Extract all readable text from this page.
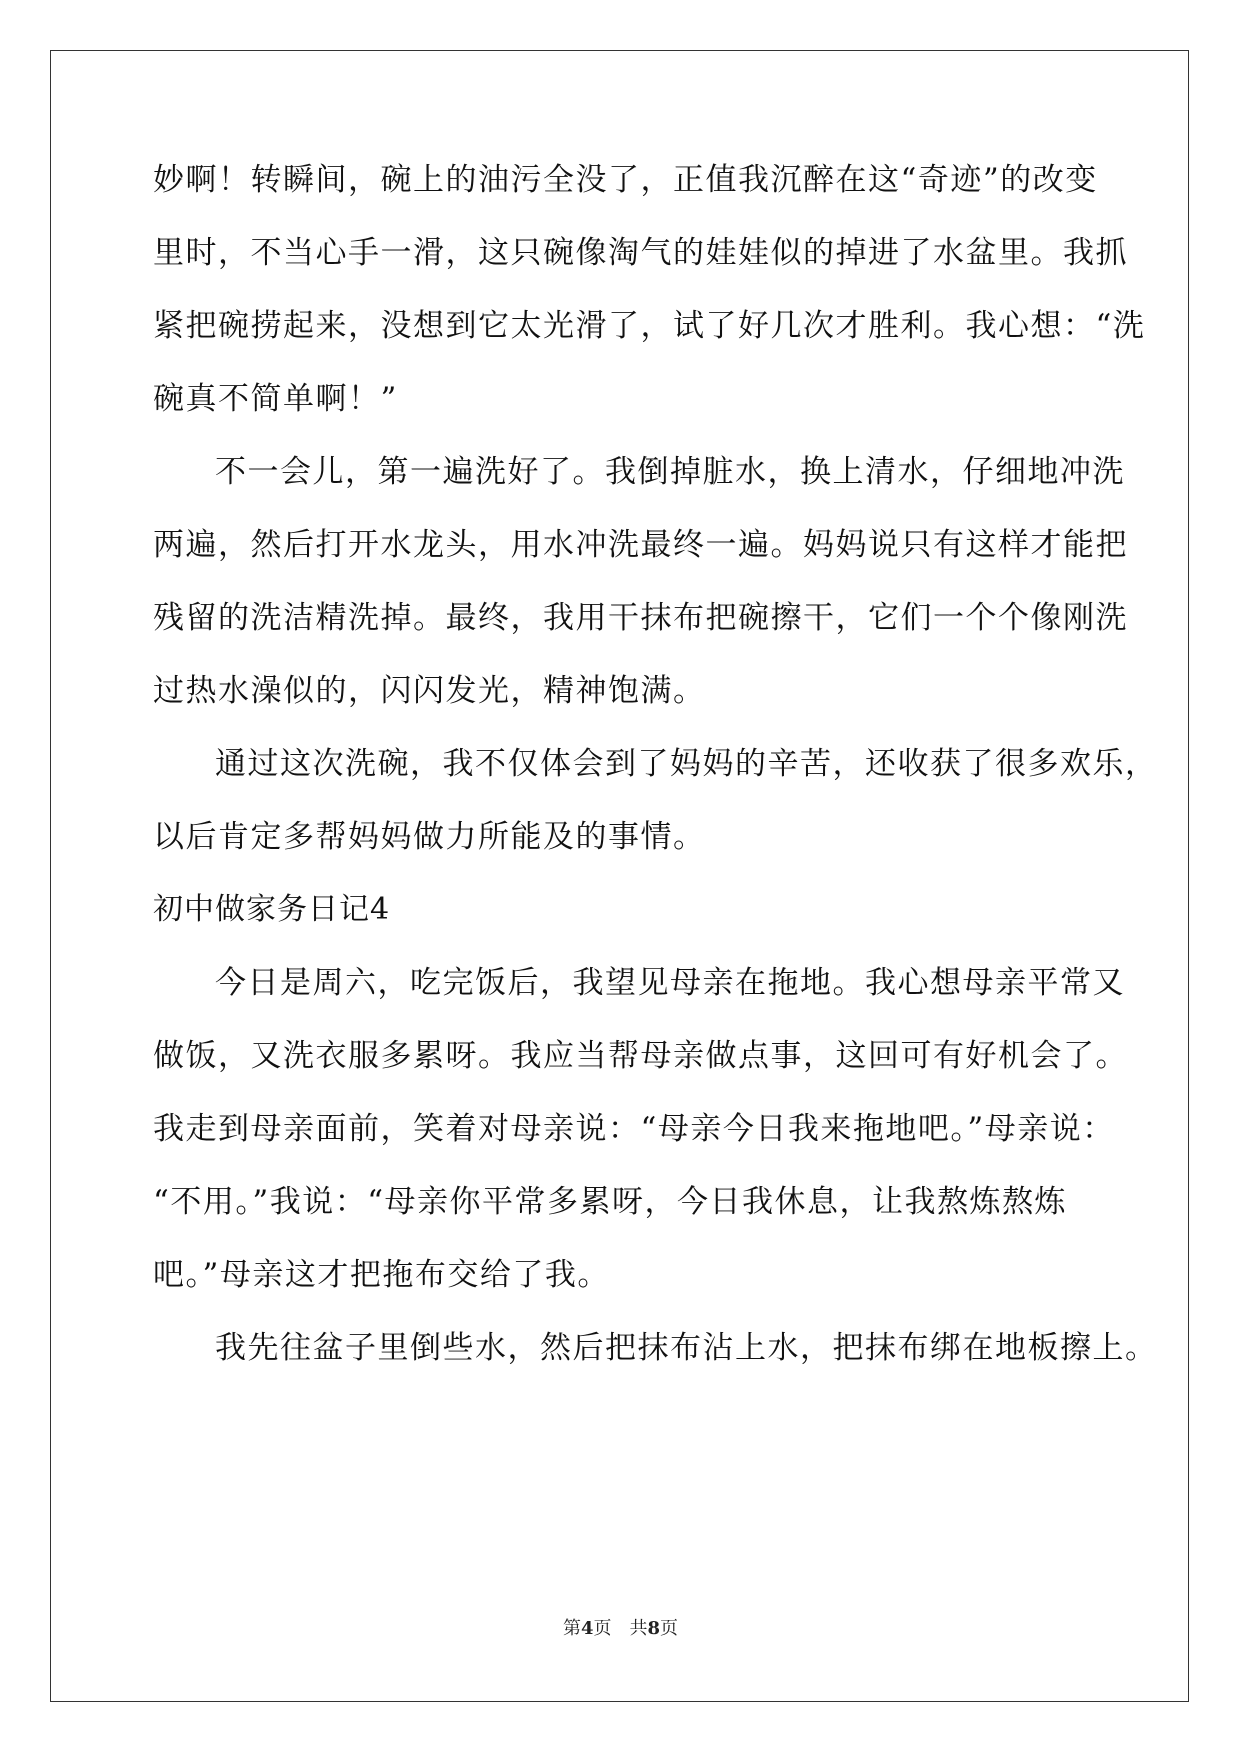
妙啊！转瞬间，碗上的油污全没了，正值我沉醉在这“奇迹”的改变
里时，不当心手一滑，这只碗像淘气的娃娃似的掉进了水盆里。我抓
紧把碗捞起来，没想到它太光滑了，试了好几次才胜利。我心想：“洗
碗真不简单啊！”
不一会儿，第一遍洗好了。我倒掉脏水，换上清水，仔细地冲洗
两遍，然后打开水龙头，用水冲洗最终一遍。妈妈说只有这样才能把
残留的洗洁精洗掉。最终，我用干抹布把碗擦干，它们一个个像刚洗
过热水澡似的，闪闪发光，精神饱满。
通过这次洗碗，我不仅体会到了妈妈的辛苦，还收获了很多欢乐，
以后肯定多帮妈妈做力所能及的事情。
初中做家务日记4
今日是周六，吃完饭后，我望见母亲在拖地。我心想母亲平常又
做饭，又洗衣服多累呀。我应当帮母亲做点事，这回可有好机会了。
我走到母亲面前，笑着对母亲说：“母亲今日我来拖地吧。”母亲说：
“不用。”我说：“母亲你平常多累呀，今日我休息，让我熬炼熬炼
吧。”母亲这才把拖布交给了我。
我先往盆子里倒些水，然后把抹布沾上水，把抹布绑在地板擦上。
第4页 共8页
